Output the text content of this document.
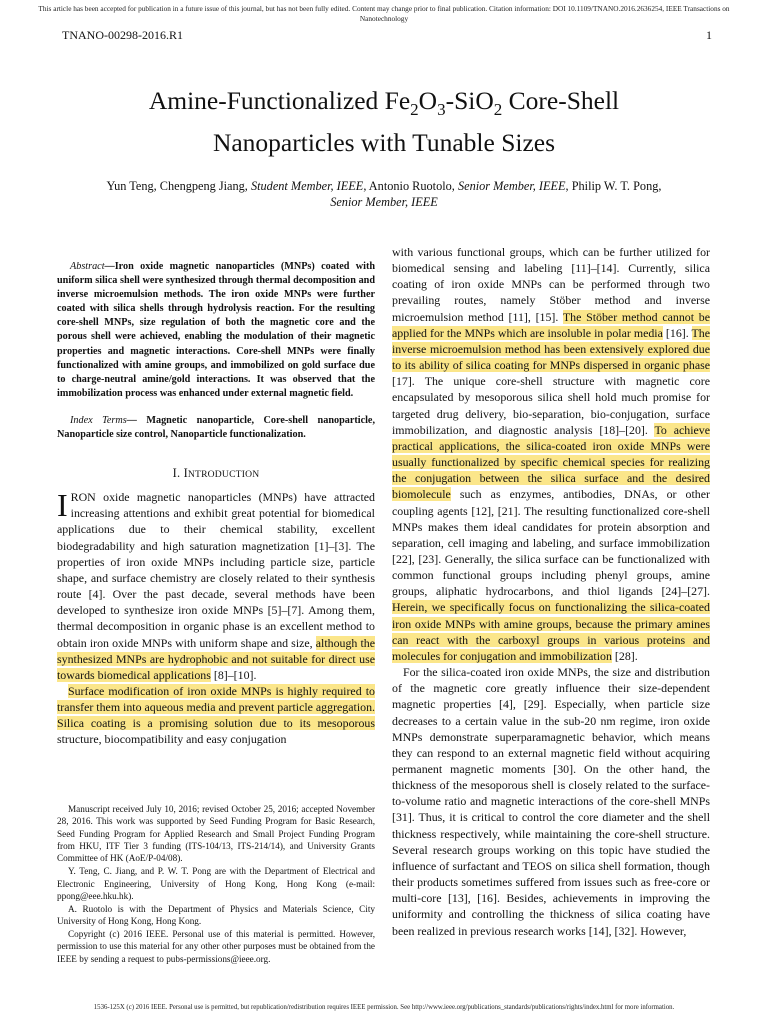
This article has been accepted for publication in a future issue of this journal, but has not been fully edited. Content may change prior to final publication. Citation information: DOI 10.1109/TNANO.2016.2636254, IEEE Transactions on Nanotechnology
TNANO-00298-2016.R1	1
Amine-Functionalized $Fe_2O_3-SiO_2$ Core-Shell
Nanoparticles with Tunable Sizes
Yun Teng, Chengpeng Jiang, Student Member, IEEE, Antonio Ruotolo, Senior Member, IEEE, Philip W. T. Pong, Senior Member, IEEE

Abstract—Iron oxide magnetic nanoparticles (MNPs) coated with uniform silica shell were synthesized through thermal decomposition and inverse microemulsion methods. The iron oxide MNPs were further coated with silica shells through hydrolysis reaction. For the resulting core-shell MNPs, size regulation of both the magnetic core and the porous shell were achieved, enabling the modulation of their magnetic properties and magnetic interactions. Core-shell MNPs were finally functionalized with amine groups, and immobilized on gold surface due to charge-neutral amine/gold interactions. It was observed that the immobilization process was enhanced under external magnetic field.

Index Terms— Magnetic nanoparticle, Core-shell nanoparticle, Nanoparticle size control, Nanoparticle functionalization.

I. INTRODUCTION

IRON oxide magnetic nanoparticles (MNPs) have attracted increasing attentions and exhibit great potential for biomedical applications due to their chemical stability, excellent biodegradability and high saturation magnetization [1]–[3]. The properties of iron oxide MNPs including particle size, particle shape, and surface chemistry are closely related to their synthesis route [4]. Over the past decade, several methods have been developed to synthesize iron oxide MNPs [5]–[7]. Among them, thermal decomposition in organic phase is an excellent method to obtain iron oxide MNPs with uniform shape and size, although the synthesized MNPs are hydrophobic and not suitable for direct use towards biomedical applications [8]–[10].

Surface modification of iron oxide MNPs is highly required to transfer them into aqueous media and prevent particle aggregation. Silica coating is a promising solution due to its mesoporous structure, biocompatibility and easy conjugation

Manuscript received July 10, 2016; revised October 25, 2016; accepted November 28, 2016. This work was supported by Seed Funding Program for Basic Research, Seed Funding Program for Applied Research and Small Project Funding Program from HKU, ITF Tier 3 funding (ITS-104/13, ITS-214/14), and University Grants Committee of HK (AoE/P-04/08).

Y. Teng, C. Jiang, and P. W. T. Pong are with the Department of Electrical and Electronic Engineering, University of Hong Kong, Hong Kong (e-mail: ppong@eee.hku.hk).

A. Ruotolo is with the Department of Physics and Materials Science, City University of Hong Kong, Hong Kong.

Copyright (c) 2016 IEEE. Personal use of this material is permitted. However, permission to use this material for any other other purposes must be obtained from the IEEE by sending a request to pubs-permissions@ieee.org.

with various functional groups, which can be further utilized for biomedical sensing and labeling [11]–[14]. Currently, silica coating of iron oxide MNPs can be performed through two prevailing routes, namely Stöber method and inverse microemulsion method [11], [15]. The Stöber method cannot be applied for the MNPs which are insoluble in polar media [16]. The inverse microemulsion method has been extensively explored due to its ability of silica coating for MNPs dispersed in organic phase [17]. The unique core-shell structure with magnetic core encapsulated by mesoporous silica shell hold much promise for targeted drug delivery, bio-separation, bio-conjugation, surface immobilization, and diagnostic analysis [18]–[20]. To achieve practical applications, the silica-coated iron oxide MNPs were usually functionalized by specific chemical species for realizing the conjugation between the silica surface and the desired biomolecule such as enzymes, antibodies, DNAs, or other coupling agents [12], [21]. The resulting functionalized core-shell MNPs makes them ideal candidates for protein absorption and separation, cell imaging and labeling, and surface immobilization [22], [23]. Generally, the silica surface can be functionalized with common functional groups including phenyl groups, amine groups, aliphatic hydrocarbons, and thiol ligands [24]–[27]. Herein, we specifically focus on functionalizing the silica-coated iron oxide MNPs with amine groups, because the primary amines can react with the carboxyl groups in various proteins and molecules for conjugation and immobilization [28].

For the silica-coated iron oxide MNPs, the size and distribution of the magnetic core greatly influence their size-dependent magnetic properties [4], [29]. Especially, when particle size decreases to a certain value in the sub-20 nm regime, iron oxide MNPs demonstrate superparamagnetic behavior, which means they can respond to an external magnetic field without acquiring permanent magnetic moments [30]. On the other hand, the thickness of the mesoporous shell is closely related to the surface-to-volume ratio and magnetic interactions of the core-shell MNPs [31]. Thus, it is critical to control the core diameter and the shell thickness respectively, while maintaining the core-shell structure. Several research groups working on this topic have studied the influence of surfactant and TEOS on silica shell formation, though their products sometimes suffered from issues such as free-core or multi-core [13], [16]. Besides, achievements in improving the uniformity and controlling the thickness of silica coating have been realized in previous research works [14], [32]. However,

1536-125X (c) 2016 IEEE. Personal use is permitted, but republication/redistribution requires IEEE permission. See http://www.ieee.org/publications_standards/publications/rights/index.html for more information.
